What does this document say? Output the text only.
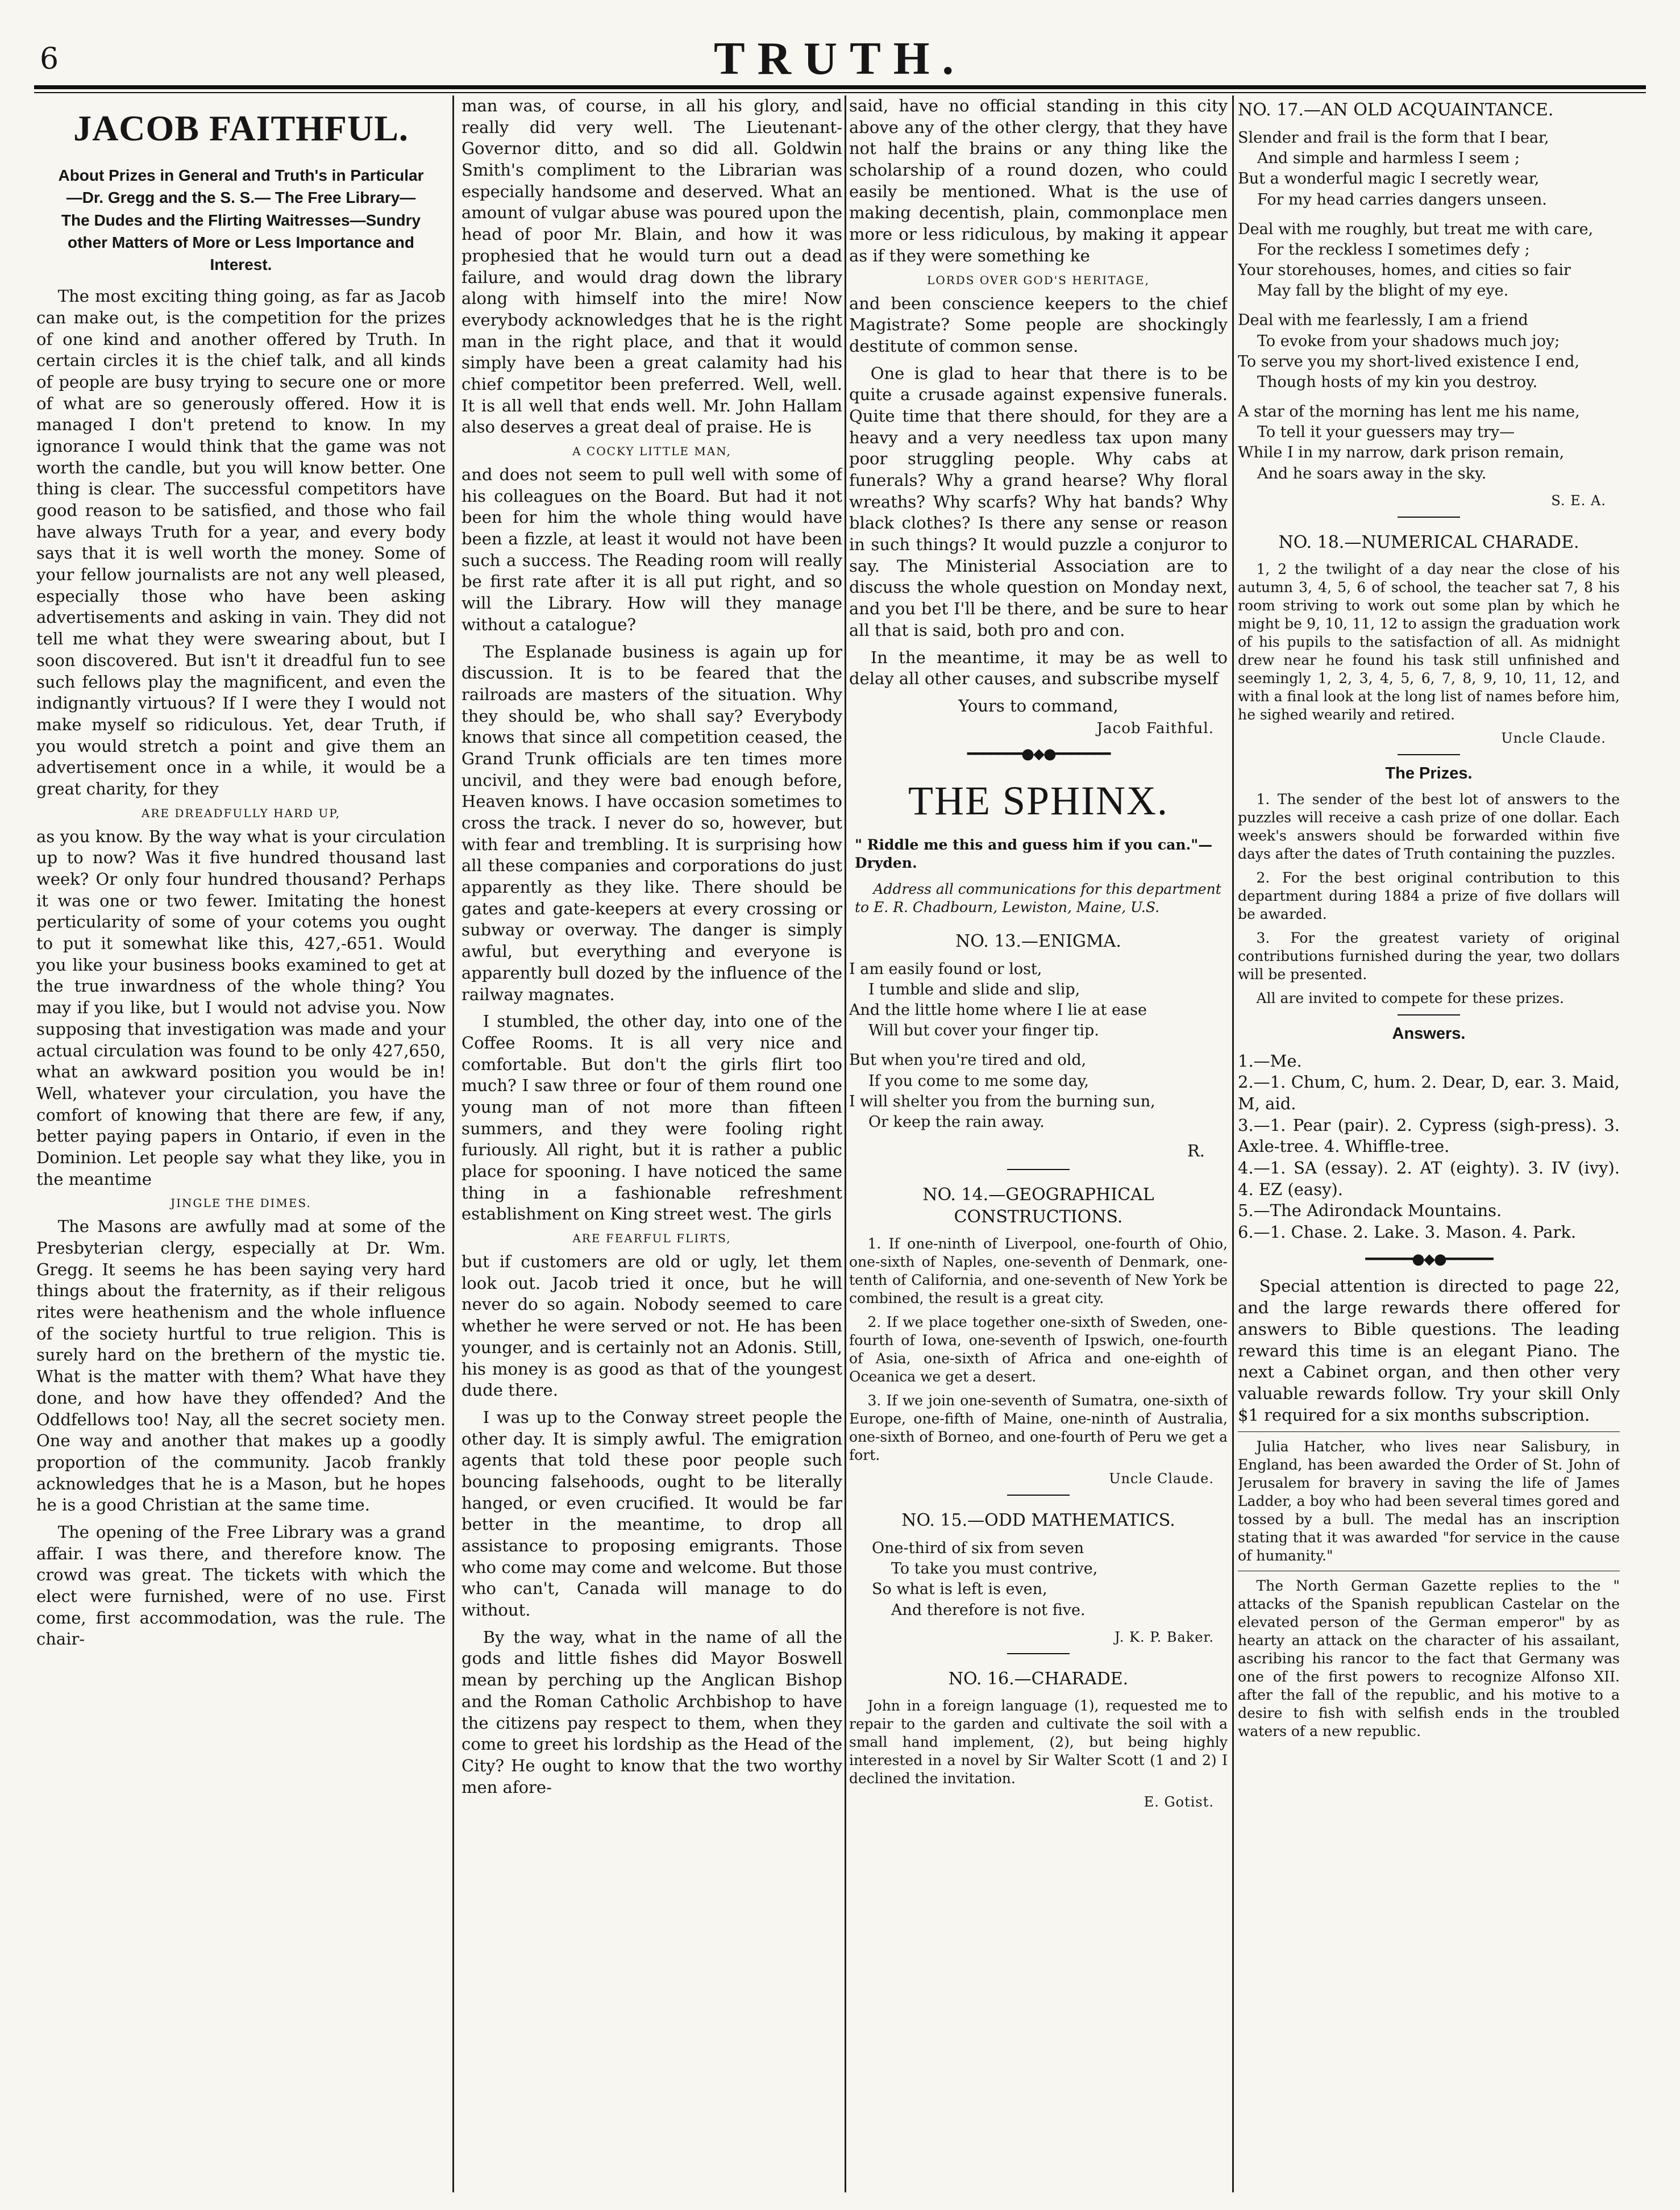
6	TRUTH.
JACOB FAITHFUL.
About Prizes in General and Truth's in Particular—Dr. Gregg and the S. S.— The Free Library—The Dudes and the Flirting Waitresses—Sundry other Matters of More or Less Importance and Interest.

The most exciting thing going, as far as Jacob can make out, is the competition for the prizes of one kind and another offered by Truth. In certain circles it is the chief talk, and all kinds of people are busy trying to secure one or more of what are so generously offered. How it is managed I don't pretend to know. In my ignorance I would think that the game was not worth the candle, but you will know better. One thing is clear. The successful competitors have good reason to be satisfied, and those who fail have always Truth for a year, and every body says that it is well worth the money. Some of your fellow journalists are not any well pleased, especially those who have been asking advertisements and asking in vain. They did not tell me what they were swearing about, but I soon discovered. But isn't it dreadful fun to see such fellows play the magnificent, and even the indignantly virtuous? If I were they I would not make myself so ridiculous. Yet, dear Truth, if you would stretch a point and give them an advertisement once in a while, it would be a great charity, for they

ARE DREADFULLY HARD UP,

as you know. By the way what is your circulation up to now? Was it five hundred thousand last week? Or only four hundred thousand? Perhaps it was one or two fewer. Imitating the honest perticularity of some of your cotems you ought to put it somewhat like this, 427,-651. Would you like your business books examined to get at the true inwardness of the whole thing? You may if you like, but I would not advise you. Now supposing that investigation was made and your actual circulation was found to be only 427,650, what an awkward position you would be in! Well, whatever your circulation, you have the comfort of knowing that there are few, if any, better paying papers in Ontario, if even in the Dominion. Let people say what they like, you in the meantime

JINGLE THE DIMES.

The Masons are awfully mad at some of the Presbyterian clergy, especially at Dr. Wm. Gregg. It seems he has been saying very hard things about the fraternity, as if their religous rites were heathenism and the whole influence of the society hurtful to true religion. This is surely hard on the brethern of the mystic tie. What is the matter with them? What have they done, and how have they offended? And the Oddfellows too! Nay, all the secret society men. One way and another that makes up a goodly proportion of the community. Jacob frankly acknowledges that he is a Mason, but he hopes he is a good Christian at the same time.

The opening of the Free Library was a grand affair. I was there, and therefore know. The crowd was great. The tickets with which the elect were furnished, were of no use. First come, first accommodation, was the rule. The chair-

man was, of course, in all his glory, and really did very well. The Lieutenant-Governor ditto, and so did all. Goldwin Smith's compliment to the Librarian was especially handsome and deserved. What an amount of vulgar abuse was poured upon the head of poor Mr. Blain, and how it was prophesied that he would turn out a dead failure, and would drag down the library along with himself into the mire! Now everybody acknowledges that he is the right man in the right place, and that it would simply have been a great calamity had his chief competitor been preferred. Well, well. It is all well that ends well. Mr. John Hallam also deserves a great deal of praise. He is

A COCKY LITTLE MAN,

and does not seem to pull well with some of his colleagues on the Board. But had it not been for him the whole thing would have been a fizzle, at least it would not have been such a success. The Reading room will really be first rate after it is all put right, and so will the Library. How will they manage without a catalogue?

The Esplanade business is again up for discussion. It is to be feared that the railroads are masters of the situation. Why they should be, who shall say? Everybody knows that since all competition ceased, the Grand Trunk officials are ten times more uncivil, and they were bad enough before, Heaven knows. I have occasion sometimes to cross the track. I never do so, however, but with fear and trembling. It is surprising how all these companies and corporations do just apparently as they like. There should be gates and gate-keepers at every crossing or subway or overway. The danger is simply awful, but everything and everyone is apparently bull dozed by the influence of the railway magnates.

I stumbled, the other day, into one of the Coffee Rooms. It is all very nice and comfortable. But don't the girls flirt too much? I saw three or four of them round one young man of not more than fifteen summers, and they were fooling right furiously. All right, but it is rather a public place for spooning. I have noticed the same thing in a fashionable refreshment establishment on King street west. The girls

ARE FEARFUL FLIRTS,

but if customers are old or ugly, let them look out. Jacob tried it once, but he will never do so again. Nobody seemed to care whether he were served or not. He has been younger, and is certainly not an Adonis. Still, his money is as good as that of the youngest dude there.

I was up to the Conway street people the other day. It is simply awful. The emigration agents that told these poor people such bouncing falsehoods, ought to be literally hanged, or even crucified. It would be far better in the meantime, to drop all assistance to proposing emigrants. Those who come may come and welcome. But those who can't, Canada will manage to do without.

By the way, what in the name of all the gods and little fishes did Mayor Boswell mean by perching up the Anglican Bishop and the Roman Catholic Archbishop to have the citizens pay respect to them, when they come to greet his lordship as the Head of the City? He ought to know that the two worthy men afore-

said, have no official standing in this city above any of the other clergy, that they have not half the brains or any thing like the scholarship of a round dozen, who could easily be mentioned. What is the use of making decentish, plain, commonplace men more or less ridiculous, by making it appear as if they were something ke

LORDS OVER GOD'S HERITAGE,

and been conscience keepers to the chief Magistrate? Some people are shockingly destitute of common sense.

One is glad to hear that there is to be quite a crusade against expensive funerals. Quite time that there should, for they are a heavy and a very needless tax upon many poor struggling people. Why cabs at funerals? Why a grand hearse? Why floral wreaths? Why scarfs? Why hat bands? Why black clothes? Is there any sense or reason in such things? It would puzzle a conjuror to say. The Ministerial Association are to discuss the whole question on Monday next, and you bet I'll be there, and be sure to hear all that is said, both pro and con.

In the meantime, it may be as well to delay all other causes, and subscribe myself

Yours to command,
Jacob Faithful.
━━━━━━━●◆●━━━━━━━
THE SPHINX.
" Riddle me this and guess him if you can."— Dryden.
Address all communications for this department to E. R. Chadbourn, Lewiston, Maine, U.S.
NO. 13.—ENIGMA.
I am easily found or lost,
I tumble and slide and slip,
And the little home where I lie at ease
Will but cover your finger tip.
But when you're tired and old,
If you come to me some day,
I will shelter you from the burning sun,
Or keep the rain away.
R.
NO. 14.—GEOGRAPHICAL CONSTRUCTIONS.

1. If one-ninth of Liverpool, one-fourth of Ohio, one-sixth of Naples, one-seventh of Denmark, one-tenth of California, and one-seventh of New York be combined, the result is a great city.

2. If we place together one-sixth of Sweden, one-fourth of Iowa, one-seventh of Ipswich, one-fourth of Asia, one-sixth of Africa and one-eighth of Oceanica we get a desert.

3. If we join one-seventh of Sumatra, one-sixth of Europe, one-fifth of Maine, one-ninth of Australia, one-sixth of Borneo, and one-fourth of Peru we get a fort.

Uncle Claude.
NO. 15.—ODD MATHEMATICS.
One-third of six from seven
To take you must contrive,
So what is left is even,
And therefore is not five.
J. K. P. Baker.
NO. 16.—CHARADE.

John in a foreign language (1), requested me to repair to the garden and cultivate the soil with a small hand implement, (2), but being highly interested in a novel by Sir Walter Scott (1 and 2) I declined the invitation.

E. Gotist.
NO. 17.—AN OLD ACQUAINTANCE.
Slender and frail is the form that I bear,
And simple and harmless I seem ;
But a wonderful magic I secretly wear,
For my head carries dangers unseen.
Deal with me roughly, but treat me with care,
For the reckless I sometimes defy ;
Your storehouses, homes, and cities so fair
May fall by the blight of my eye.
Deal with me fearlessly, I am a friend
To evoke from your shadows much joy;
To serve you my short-lived existence I end,
Though hosts of my kin you destroy.
A star of the morning has lent me his name,
To tell it your guessers may try—
While I in my narrow, dark prison remain,
And he soars away in the sky.
S. E. A.
NO. 18.—NUMERICAL CHARADE.

1, 2 the twilight of a day near the close of his autumn 3, 4, 5, 6 of school, the teacher sat 7, 8 his room striving to work out some plan by which he might be 9, 10, 11, 12 to assign the graduation work of his pupils to the satisfaction of all. As midnight drew near he found his task still unfinished and seemingly 1, 2, 3, 4, 5, 6, 7, 8, 9, 10, 11, 12, and with a final look at the long list of names before him, he sighed wearily and retired.

Uncle Claude.
The Prizes.

1. The sender of the best lot of answers to the puzzles will receive a cash prize of one dollar. Each week's answers should be forwarded within five days after the dates of Truth containing the puzzles.

2. For the best original contribution to this department during 1884 a prize of five dollars will be awarded.

3. For the greatest variety of original contributions furnished during the year, two dollars will be presented.

All are invited to compete for these prizes.

Answers.

1.—Me.

2.—1. Chum, C, hum. 2. Dear, D, ear. 3. Maid, M, aid.

3.—1. Pear (pair). 2. Cypress (sigh-press). 3. Axle-tree. 4. Whiffle-tree.

4.—1. SA (essay). 2. AT (eighty). 3. IV (ivy). 4. EZ (easy).

5.—The Adirondack Mountains.

6.—1. Chase. 2. Lake. 3. Mason. 4. Park.

━━━━━━●◆●━━━━━━

Special attention is directed to page 22, and the large rewards there offered for answers to Bible questions. The leading reward this time is an elegant Piano. The next a Cabinet organ, and then other very valuable rewards follow. Try your skill Only $1 required for a six months subscription.

Julia Hatcher, who lives near Salisbury, in England, has been awarded the Order of St. John of Jerusalem for bravery in saving the life of James Ladder, a boy who had been several times gored and tossed by a bull. The medal has an inscription stating that it was awarded "for service in the cause of humanity."

The North German Gazette replies to the " attacks of the Spanish republican Castelar on the elevated person of the German emperor" by as hearty an attack on the character of his assailant, ascribing his rancor to the fact that Germany was one of the first powers to recognize Alfonso XII. after the fall of the republic, and his motive to a desire to fish with selfish ends in the troubled waters of a new republic.
